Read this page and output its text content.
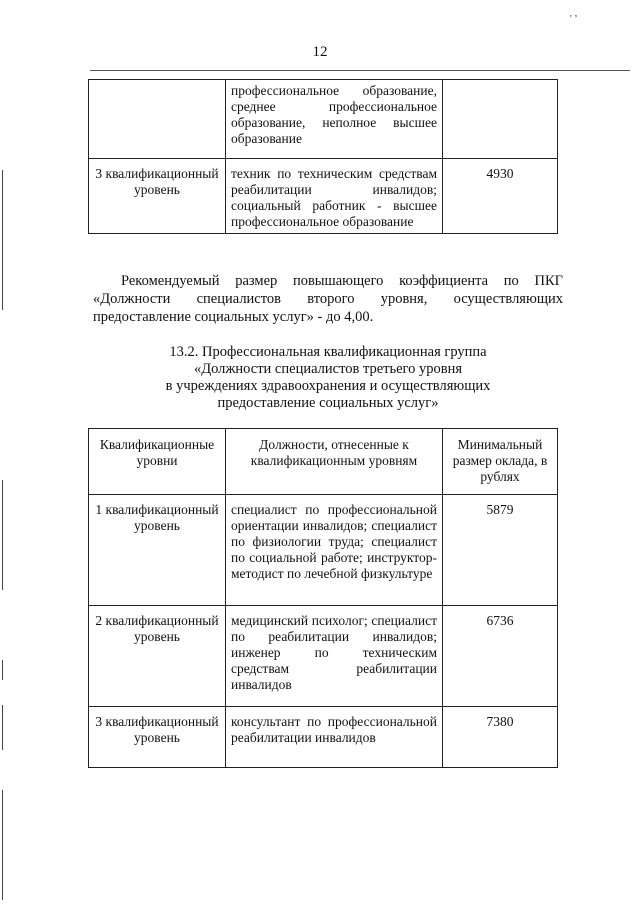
' ʼ
12
	профессиональное образование, среднее профессиональное образование, неполное высшее образование	
3 квалификационный уровень	техник по техническим средствам реабилитации инвалидов; социальный работник - высшее профессиональное образование	4930
Рекомендуемый размер повышающего коэффициента по ПКГ «Должности специалистов второго уровня, осуществляющих предоставление социальных услуг» - до 4,00.
13.2. Профессиональная квалификационная группа
«Должности специалистов третьего уровня
в учреждениях здравоохранения и осуществляющих
предоставление социальных услуг»
Квалификационные уровни	Должности, отнесенные к квалификационным уровням	Минимальный размер оклада, в рублях
1 квалификационный уровень	специалист по профессиональной ориентации инвалидов; специалист по физиологии труда; специалист по социальной работе; инструктор-методист по лечебной физкультуре	5879
2 квалификационный уровень	медицинский психолог; специалист по реабилитации инвалидов; инженер по техническим средствам реабилитации инвалидов	6736
3 квалификационный уровень	консультант по профессиональной реабилитации инвалидов	7380
